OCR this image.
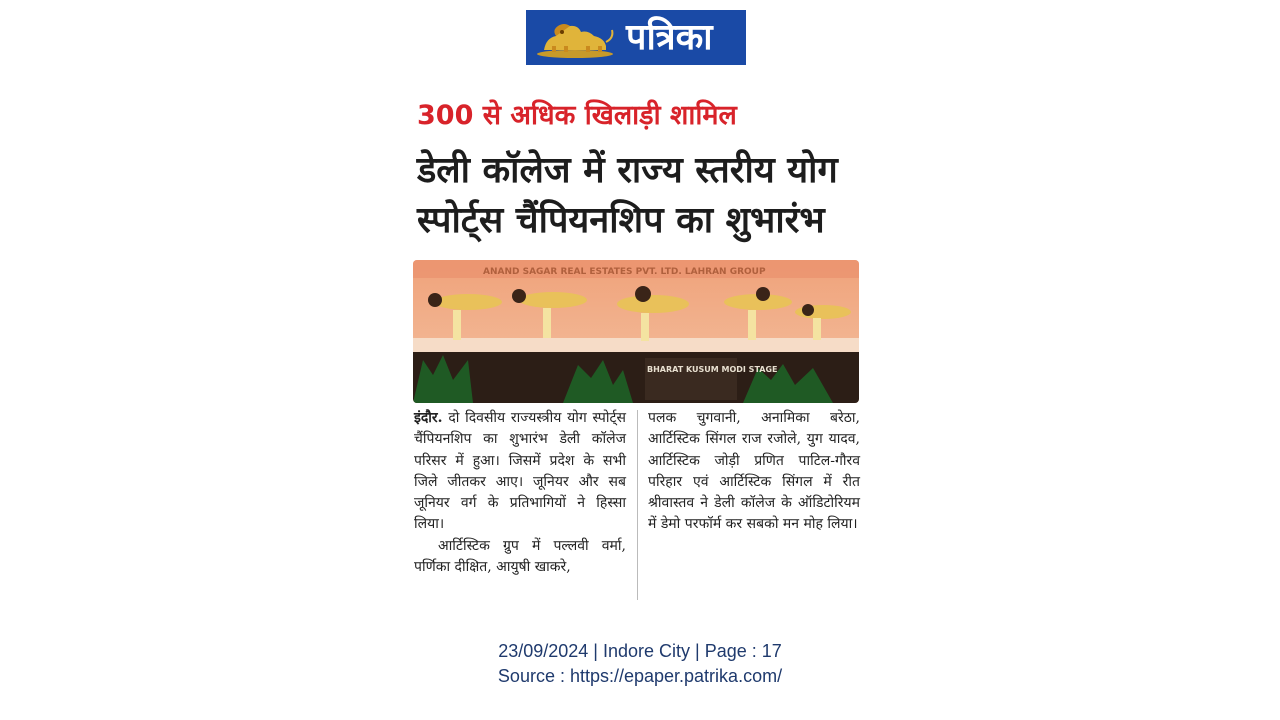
पत्रिका
300 से अधिक खिलाड़ी शामिल
डेली कॉलेज में राज्य स्तरीय योग
स्पोर्ट्स चैंपियनशिप का शुभारंभ
ANAND SAGAR REAL ESTATES PVT. LTD. LAHRAN GROUP
BHARAT KUSUM MODI STAGE
इंदौर. दो दिवसीय राज्यस्त्रीय योग स्पोर्ट्स चैंपियनशिप का शुभारंभ डेली कॉलेज परिसर में हुआ। जिसमें प्रदेश के सभी जिले जीतकर आए। जूनियर और सब जूनियर वर्ग के प्रतिभागियों ने हिस्सा लिया।
आर्टिस्टिक ग्रुप में पल्लवी वर्मा, पर्णिका दीक्षित, आयुषी खाकरे,
पलक चुगवानी, अनामिका बरेठा, आर्टिस्टिक सिंगल राज रजोले, युग यादव, आर्टिस्टिक जोड़ी प्रणित पाटिल-गौरव परिहार एवं आर्टिस्टिक सिंगल में रीत श्रीवास्तव ने डेली कॉलेज के ऑडिटोरियम में डेमो परफॉर्म कर सबको मन मोह लिया।
23/09/2024 | Indore City | Page : 17
Source : https://epaper.patrika.com/
